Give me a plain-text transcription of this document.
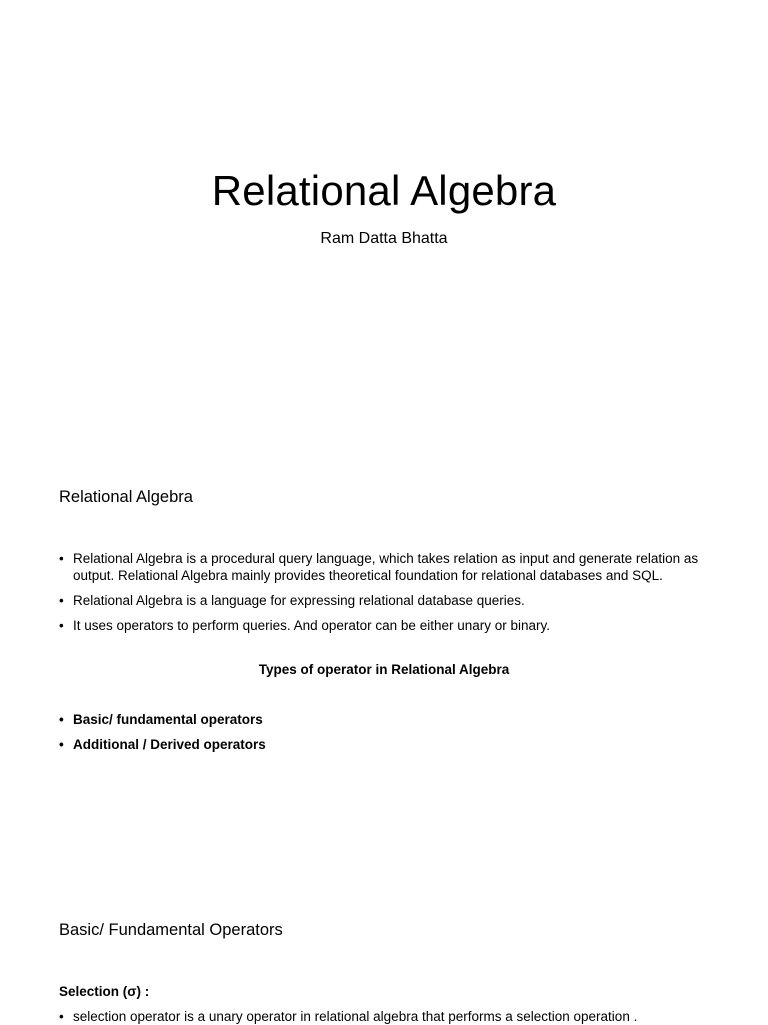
Relational Algebra

Ram Datta Bhatta

Relational Algebra
• Relational Algebra is a procedural query language, which takes relation as input and generate relation as output. Relational Algebra mainly provides theoretical foundation for relational databases and SQL.
• Relational Algebra is a language for expressing relational database queries.
• It uses operators to perform queries. And operator can be either unary or binary.

Types of operator in Relational Algebra

• Basic/ fundamental operators
• Additional / Derived operators
Basic/ Fundamental Operators

Selection (σ) :

• selection operator is a unary operator in relational algebra that performs a selection operation .
